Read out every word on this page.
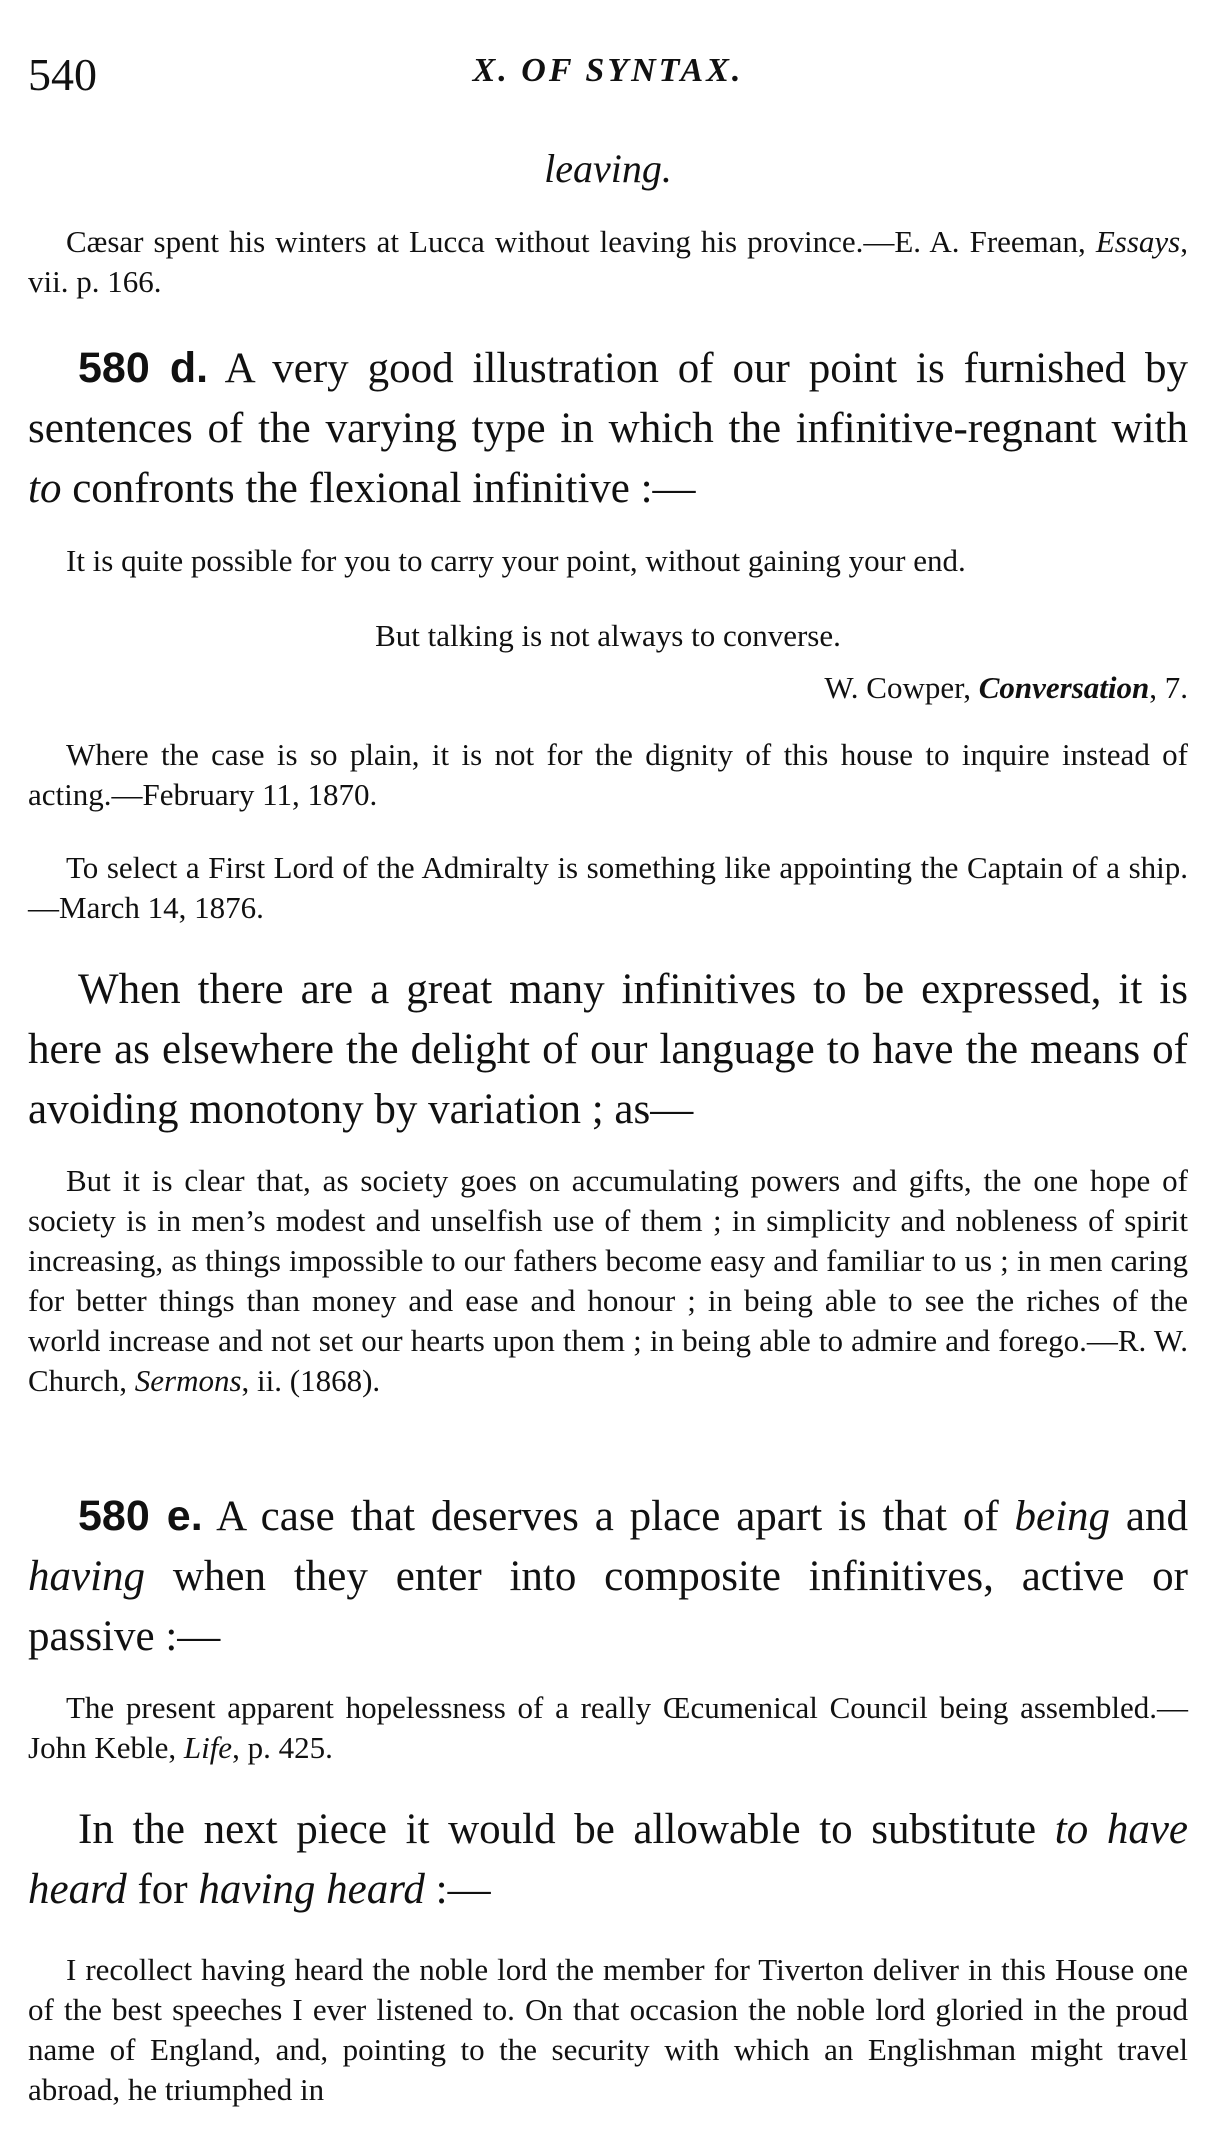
540	X. OF SYNTAX.

leaving.

Cæsar spent his winters at Lucca without leaving his province.—E. A. Freeman, Essays, vii. p. 166.

580 d. A very good illustration of our point is furnished by sentences of the varying type in which the infinitive-regnant with to confronts the flexional infinitive :—

It is quite possible for you to carry your point, without gaining your end.

But talking is not always to converse.

W. Cowper, Conversation, 7.

Where the case is so plain, it is not for the dignity of this house to inquire instead of acting.—February 11, 1870.

To select a First Lord of the Admiralty is something like appointing the Captain of a ship.—March 14, 1876.

When there are a great many infinitives to be expressed, it is here as elsewhere the delight of our language to have the means of avoiding monotony by variation ; as—

But it is clear that, as society goes on accumulating powers and gifts, the one hope of society is in men’s modest and unselfish use of them ; in simplicity and nobleness of spirit increasing, as things impossible to our fathers become easy and familiar to us ; in men caring for better things than money and ease and honour ; in being able to see the riches of the world increase and not set our hearts upon them ; in being able to admire and forego.—R. W. Church, Sermons, ii. (1868).

580 e. A case that deserves a place apart is that of being and having when they enter into composite infinitives, active or passive :—

The present apparent hopelessness of a really Œcumenical Council being assembled.—John Keble, Life, p. 425.

In the next piece it would be allowable to substitute to have heard for having heard :—

I recollect having heard the noble lord the member for Tiverton deliver in this House one of the best speeches I ever listened to. On that occasion the noble lord gloried in the proud name of England, and, pointing to the security with which an Englishman might travel abroad, he triumphed in
